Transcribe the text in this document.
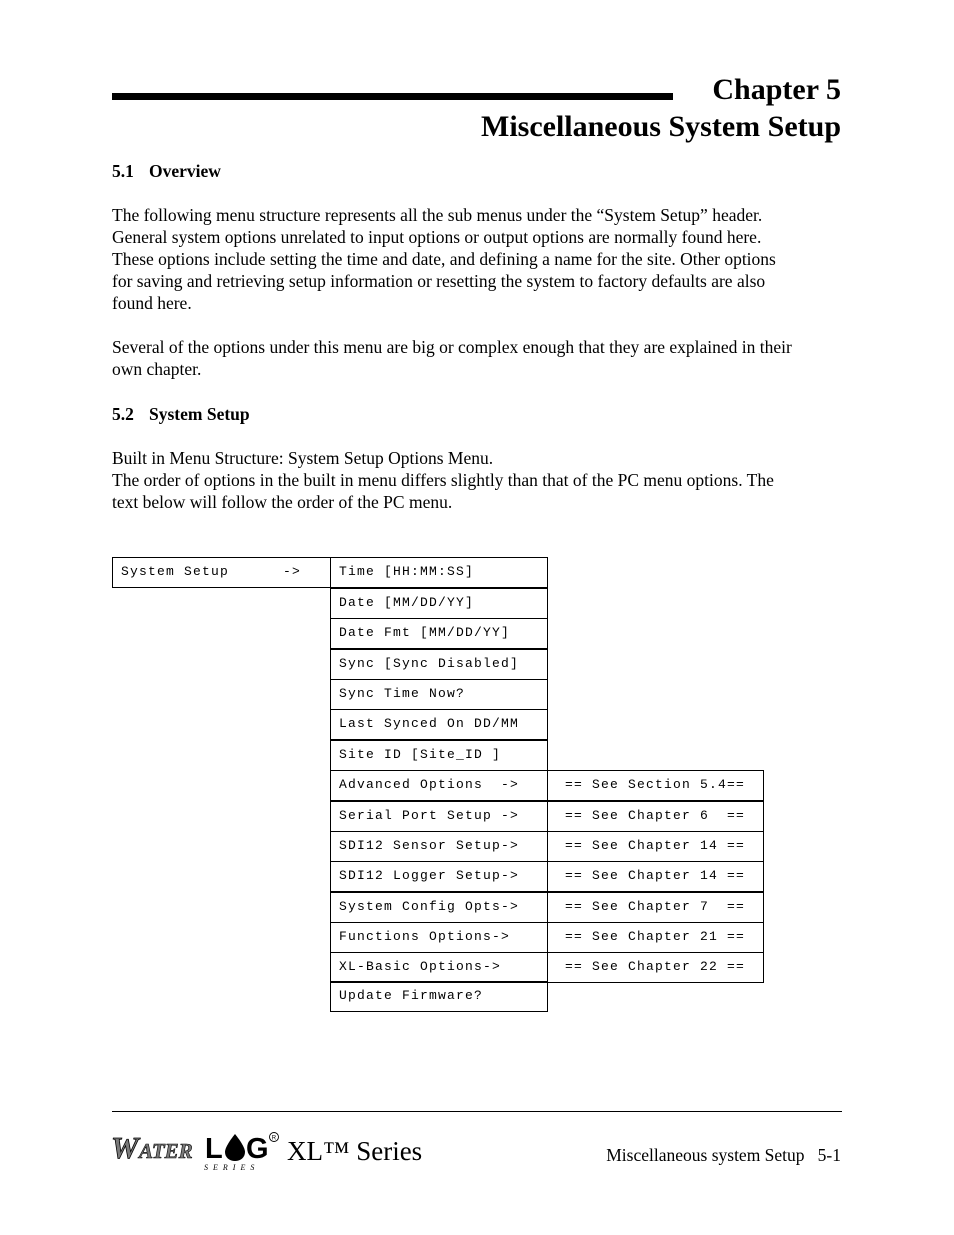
Chapter 5
Miscellaneous System Setup
5.1 Overview
The following menu structure represents all the sub menus under the “System Setup” header.
General system options unrelated to input options or output options are normally found here.
These options include setting the time and date, and defining a name for the site. Other options
for saving and retrieving setup information or resetting the system to factory defaults are also
found here.
Several of the options under this menu are big or complex enough that they are explained in their
own chapter.
5.2 System Setup
Built in Menu Structure: System Setup Options Menu.
The order of options in the built in menu differs slightly than that of the PC menu options. The
text below will follow the order of the PC menu.
System Setup      ->	Time [HH:MM:SS]
Date [MM/DD/YY]
Date Fmt [MM/DD/YY]
Sync [Sync Disabled]
Sync Time Now?
Last Synced On DD/MM
Site ID [Site_ID ]
Advanced Options  ->
Serial Port Setup ->
SDI12 Sensor Setup->
SDI12 Logger Setup->
System Config Opts->
Functions Options->
XL-Basic Options->
Update Firmware?
== See Section 5.4==
== See Chapter 6  ==
== See Chapter 14 ==
== See Chapter 14 ==
== See Chapter 7  ==
== See Chapter 21 ==
== See Chapter 22 ==
W ATER L G R
SERIES
XL™ Series	Miscellaneous system Setup   5-1
